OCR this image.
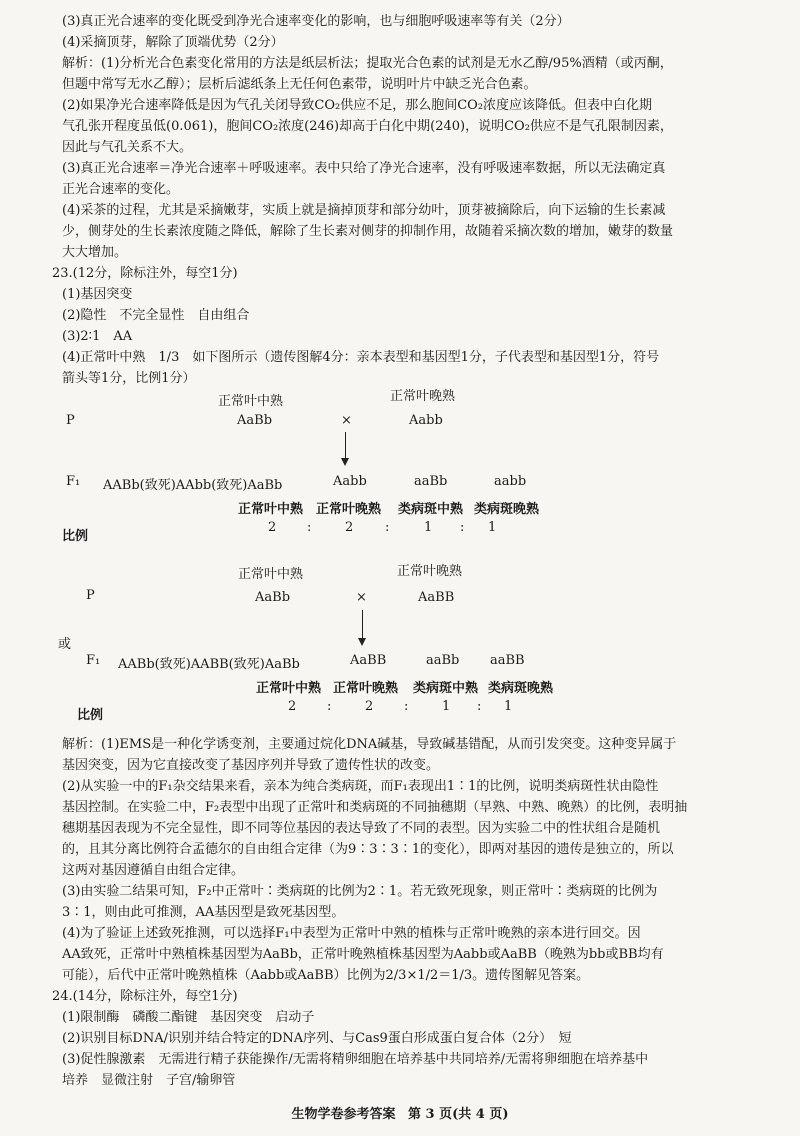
(3)真正光合速率的变化既受到净光合速率变化的影响，也与细胞呼吸速率等有关（2分）
(4)采摘顶芽，解除了顶端优势（2分）
解析：(1)分析光合色素变化常用的方法是纸层析法；提取光合色素的试剂是无水乙醇/95%酒精（或丙酮，
但题中常写无水乙醇）；层析后滤纸条上无任何色素带，说明叶片中缺乏光合色素。
(2)如果净光合速率降低是因为气孔关闭导致CO₂供应不足，那么胞间CO₂浓度应该降低。但表中白化期
气孔张开程度虽低(0.061)，胞间CO₂浓度(246)却高于白化中期(240)，说明CO₂供应不是气孔限制因素，
因此与气孔关系不大。
(3)真正光合速率＝净光合速率＋呼吸速率。表中只给了净光合速率，没有呼吸速率数据，所以无法确定真
正光合速率的变化。
(4)采茶的过程，尤其是采摘嫩芽，实质上就是摘掉顶芽和部分幼叶，顶芽被摘除后，向下运输的生长素减
少，侧芽处的生长素浓度随之降低，解除了生长素对侧芽的抑制作用，故随着采摘次数的增加，嫩芽的数量
大大增加。
23.(12分，除标注外，每空1分)
(1)基因突变
(2)隐性　不完全显性　自由组合
(3)2∶1　AA
(4)正常叶中熟　1/3　如下图所示（遗传图解4分：亲本表型和基因型1分，子代表型和基因型1分，符号
箭头等1分，比例1分）
正常叶中熟	正常叶晚熟
P	AaBb	×	Aabb
F₁ AABb(致死)AAbb(致死)AaBb	Aabb	aaBb	aabb
正常叶中熟 正常叶晚熟 类病斑中熟 类病斑晚熟
比例
2 :	2 :	1 : 1
正常叶中熟	正常叶晚熟
P	AaBb	×	AaBB
或
F₁ AABb(致死)AABB(致死)AaBb	AaBB	aaBb aaBB
正常叶中熟 正常叶晚熟 类病斑中熟 类病斑晚熟
比例
2 :	2 :	1 : 1
解析：(1)EMS是一种化学诱变剂，主要通过烷化DNA碱基，导致碱基错配，从而引发突变。这种变异属于
基因突变，因为它直接改变了基因序列并导致了遗传性状的改变。
(2)从实验一中的F₁杂交结果来看，亲本为纯合类病斑，而F₁表现出1∶1的比例，说明类病斑性状由隐性
基因控制。在实验二中，F₂表型中出现了正常叶和类病斑的不同抽穗期（早熟、中熟、晚熟）的比例，表明抽
穗期基因表现为不完全显性，即不同等位基因的表达导致了不同的表型。因为实验二中的性状组合是随机
的，且其分离比例符合孟德尔的自由组合定律（为9∶3∶3∶1的变化），即两对基因的遗传是独立的，所以
这两对基因遵循自由组合定律。
(3)由实验二结果可知，F₂中正常叶∶类病斑的比例为2∶1。若无致死现象，则正常叶∶类病斑的比例为
3∶1，则由此可推测，AA基因型是致死基因型。
(4)为了验证上述致死推测，可以选择F₁中表型为正常叶中熟的植株与正常叶晚熟的亲本进行回交。因
AA致死，正常叶中熟植株基因型为AaBb，正常叶晚熟植株基因型为Aabb或AaBB（晚熟为bb或BB均有
可能），后代中正常叶晚熟植株（Aabb或AaBB）比例为2/3×1/2＝1/3。遗传图解见答案。
24.(14分，除标注外，每空1分)
(1)限制酶　磷酸二酯键　基因突变　启动子
(2)识别目标DNA/识别并结合特定的DNA序列、与Cas9蛋白形成蛋白复合体（2分）　短
(3)促性腺激素　无需进行精子获能操作/无需将精卵细胞在培养基中共同培养/无需将卵细胞在培养基中
培养　显微注射　子宫/输卵管
生物学卷参考答案 第 3 页(共 4 页)
